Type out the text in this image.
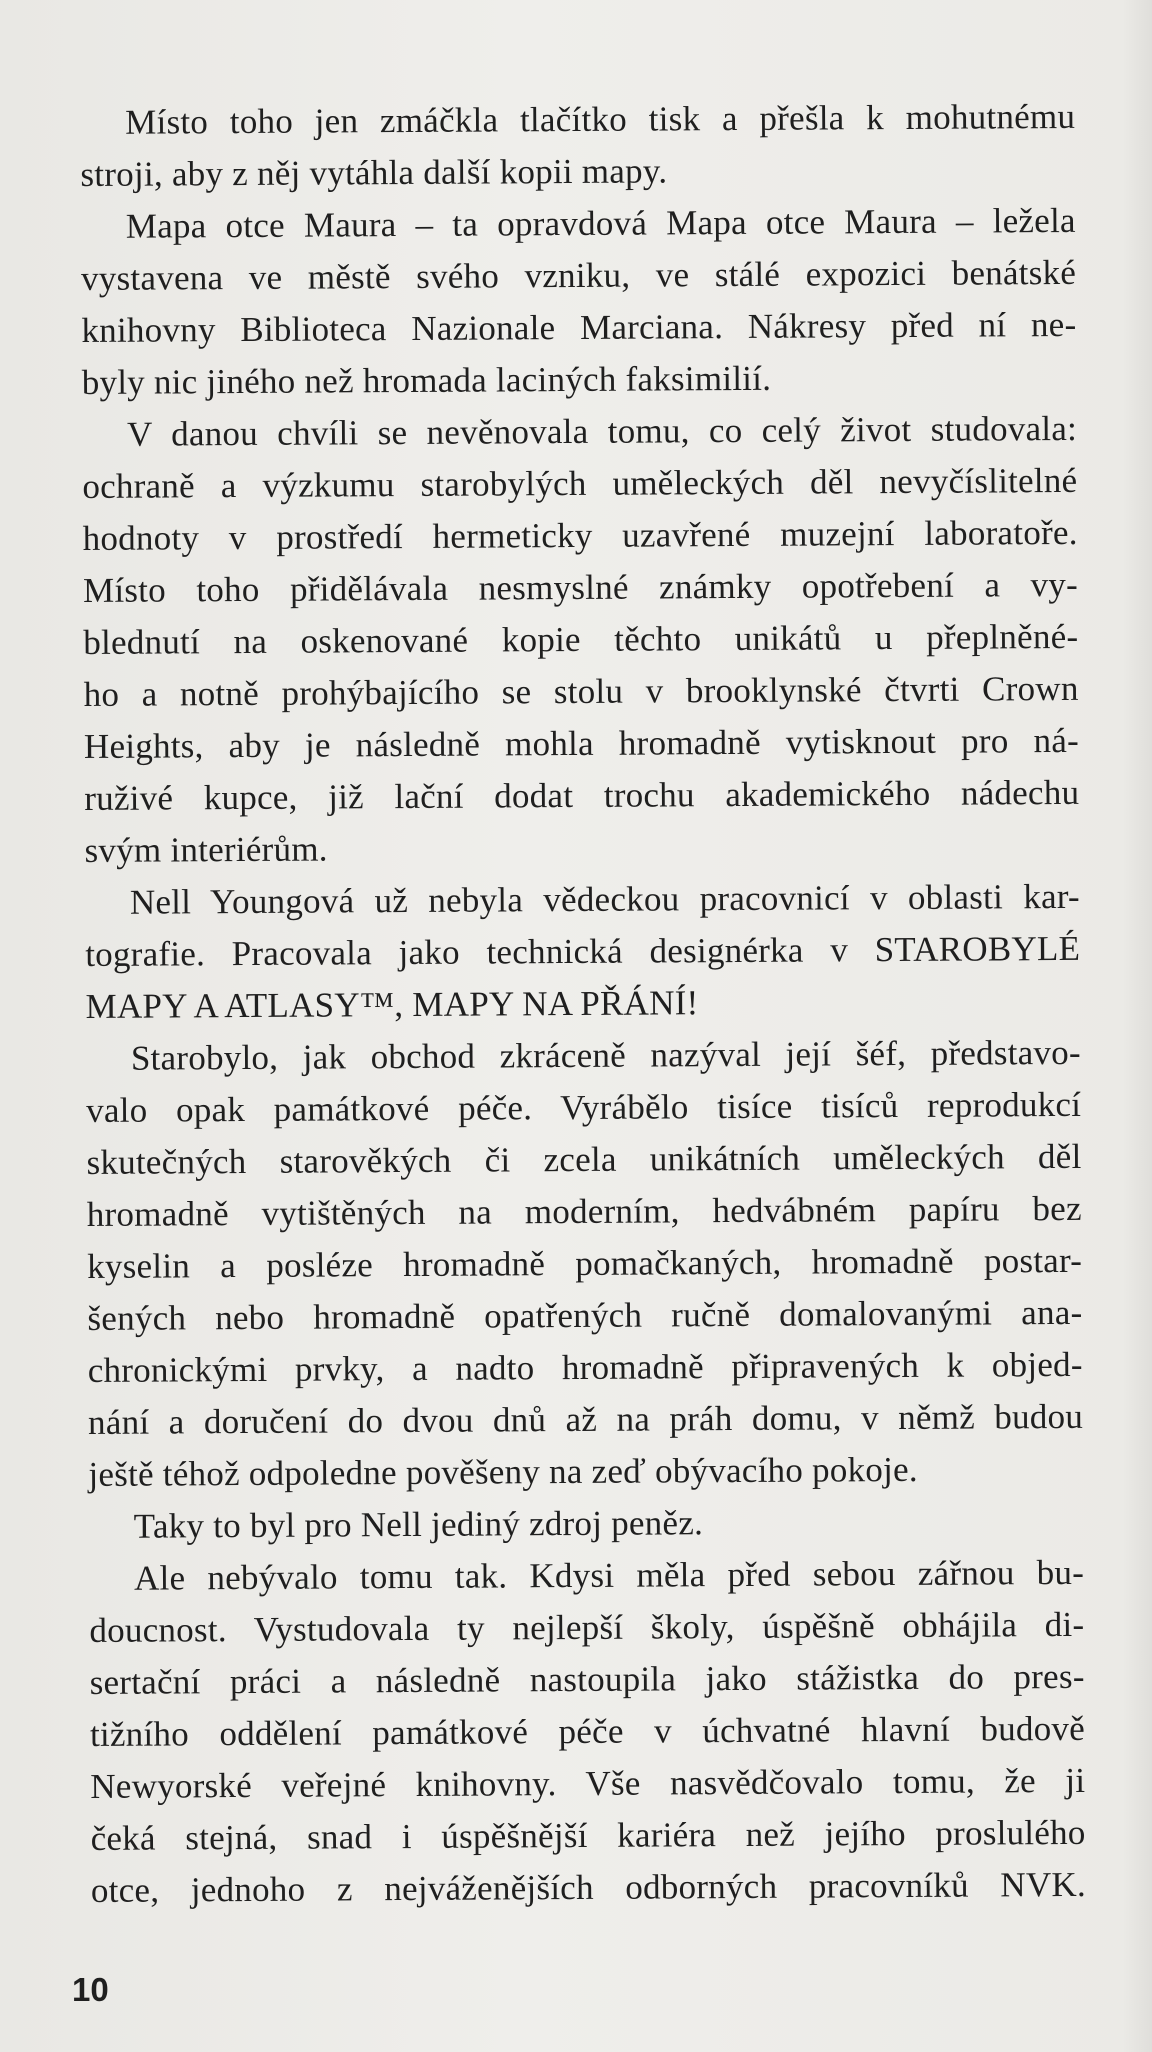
Místo toho jen zmáčkla tlačítko tisk a přešla k mohutnému
stroji, aby z něj vytáhla další kopii mapy.
Mapa otce Maura – ta opravdová Mapa otce Maura – ležela
vystavena ve městě svého vzniku, ve stálé expozici benátské
knihovny Biblioteca Nazionale Marciana. Nákresy před ní ne-
byly nic jiného než hromada laciných faksimilií.
V danou chvíli se nevěnovala tomu, co celý život studovala:
ochraně a výzkumu starobylých uměleckých děl nevyčíslitelné
hodnoty v prostředí hermeticky uzavřené muzejní laboratoře.
Místo toho přidělávala nesmyslné známky opotřebení a vy-
blednutí na oskenované kopie těchto unikátů u přeplněné-
ho a notně prohýbajícího se stolu v brooklynské čtvrti Crown
Heights, aby je následně mohla hromadně vytisknout pro ná-
ruživé kupce, již lační dodat trochu akademického nádechu
svým interiérům.
Nell Youngová už nebyla vědeckou pracovnicí v oblasti kar-
tografie. Pracovala jako technická designérka v STAROBYLÉ
MAPY A ATLASY™, MAPY NA PŘÁNÍ!
Starobylo, jak obchod zkráceně nazýval její šéf, představo-
valo opak památkové péče. Vyrábělo tisíce tisíců reprodukcí
skutečných starověkých či zcela unikátních uměleckých děl
hromadně vytištěných na moderním, hedvábném papíru bez
kyselin a posléze hromadně pomačkaných, hromadně postar-
šených nebo hromadně opatřených ručně domalovanými ana-
chronickými prvky, a nadto hromadně připravených k objed-
nání a doručení do dvou dnů až na práh domu, v němž budou
ještě téhož odpoledne pověšeny na zeď obývacího pokoje.
Taky to byl pro Nell jediný zdroj peněz.
Ale nebývalo tomu tak. Kdysi měla před sebou zářnou bu-
doucnost. Vystudovala ty nejlepší školy, úspěšně obhájila di-
sertační práci a následně nastoupila jako stážistka do pres-
tižního oddělení památkové péče v úchvatné hlavní budově
Newyorské veřejné knihovny. Vše nasvědčovalo tomu, že ji
čeká stejná, snad i úspěšnější kariéra než jejího proslulého
otce, jednoho z nejváženějších odborných pracovníků NVK.
10
